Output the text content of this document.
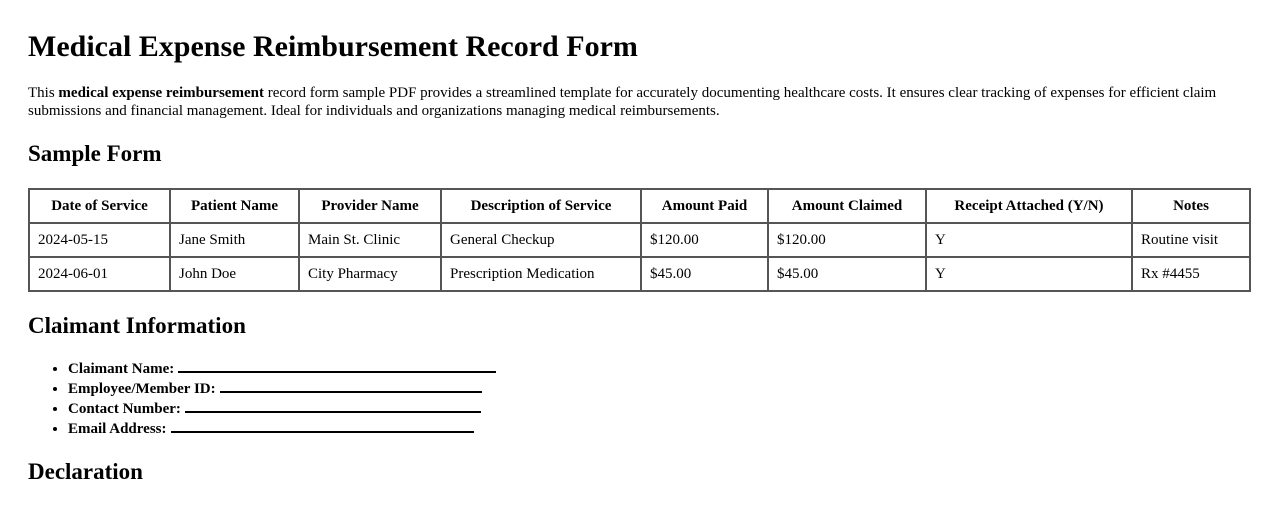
Medical Expense Reimbursement Record Form

This medical expense reimbursement record form sample PDF provides a streamlined template for accurately documenting healthcare costs. It ensures clear tracking of expenses for efficient claim submissions and financial management. Ideal for individuals and organizations managing medical reimbursements.

Sample Form
Date of Service	Patient Name	Provider Name	Description of Service	Amount Paid	Amount Claimed	Receipt Attached (Y/N)	Notes
2024-05-15	Jane Smith	Main St. Clinic	General Checkup	$120.00	$120.00	Y	Routine visit
2024-06-01	John Doe	City Pharmacy	Prescription Medication	$45.00	$45.00	Y	Rx #4455
Claimant Information
• Claimant Name:
• Employee/Member ID:
• Contact Number:
• Email Address:
Declaration
